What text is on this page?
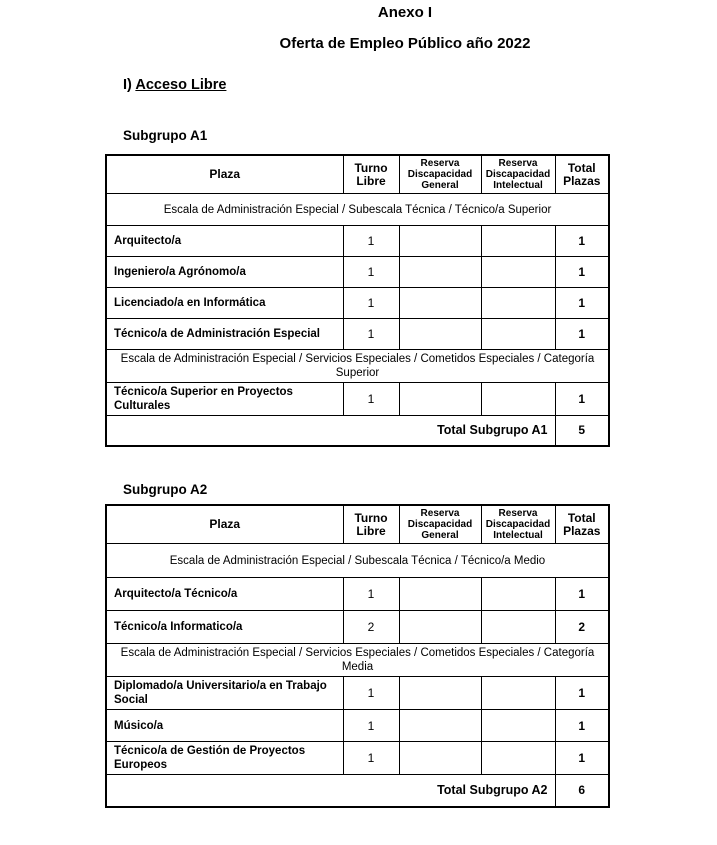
Anexo I
Oferta de Empleo Público año 2022
I) Acceso Libre
Subgrupo A1
Plaza	Turno Libre	Reserva Discapacidad General	Reserva Discapacidad Intelectual	Total Plazas
Escala de Administración Especial / Subescala Técnica / Técnico/a Superior				
Arquitecto/a	1			1
Ingeniero/a Agrónomo/a	1			1
Licenciado/a en Informática	1			1
Técnico/a de Administración Especial	1			1
Escala de Administración Especial / Servicios Especiales / Cometidos Especiales / Categoría Superior				
Técnico/a Superior en Proyectos Culturales	1			1
Total Subgrupo A1				5
Subgrupo A2
Plaza	Turno Libre	Reserva Discapacidad General	Reserva Discapacidad Intelectual	Total Plazas
Escala de Administración Especial / Subescala Técnica / Técnico/a Medio				
Arquitecto/a Técnico/a	1			1
Técnico/a Informatico/a	2			2
Escala de Administración Especial / Servicios Especiales / Cometidos Especiales / Categoría Media				
Diplomado/a Universitario/a en Trabajo Social	1			1
Músico/a	1			1
Técnico/a de Gestión de Proyectos Europeos	1			1
Total Subgrupo A2				6
